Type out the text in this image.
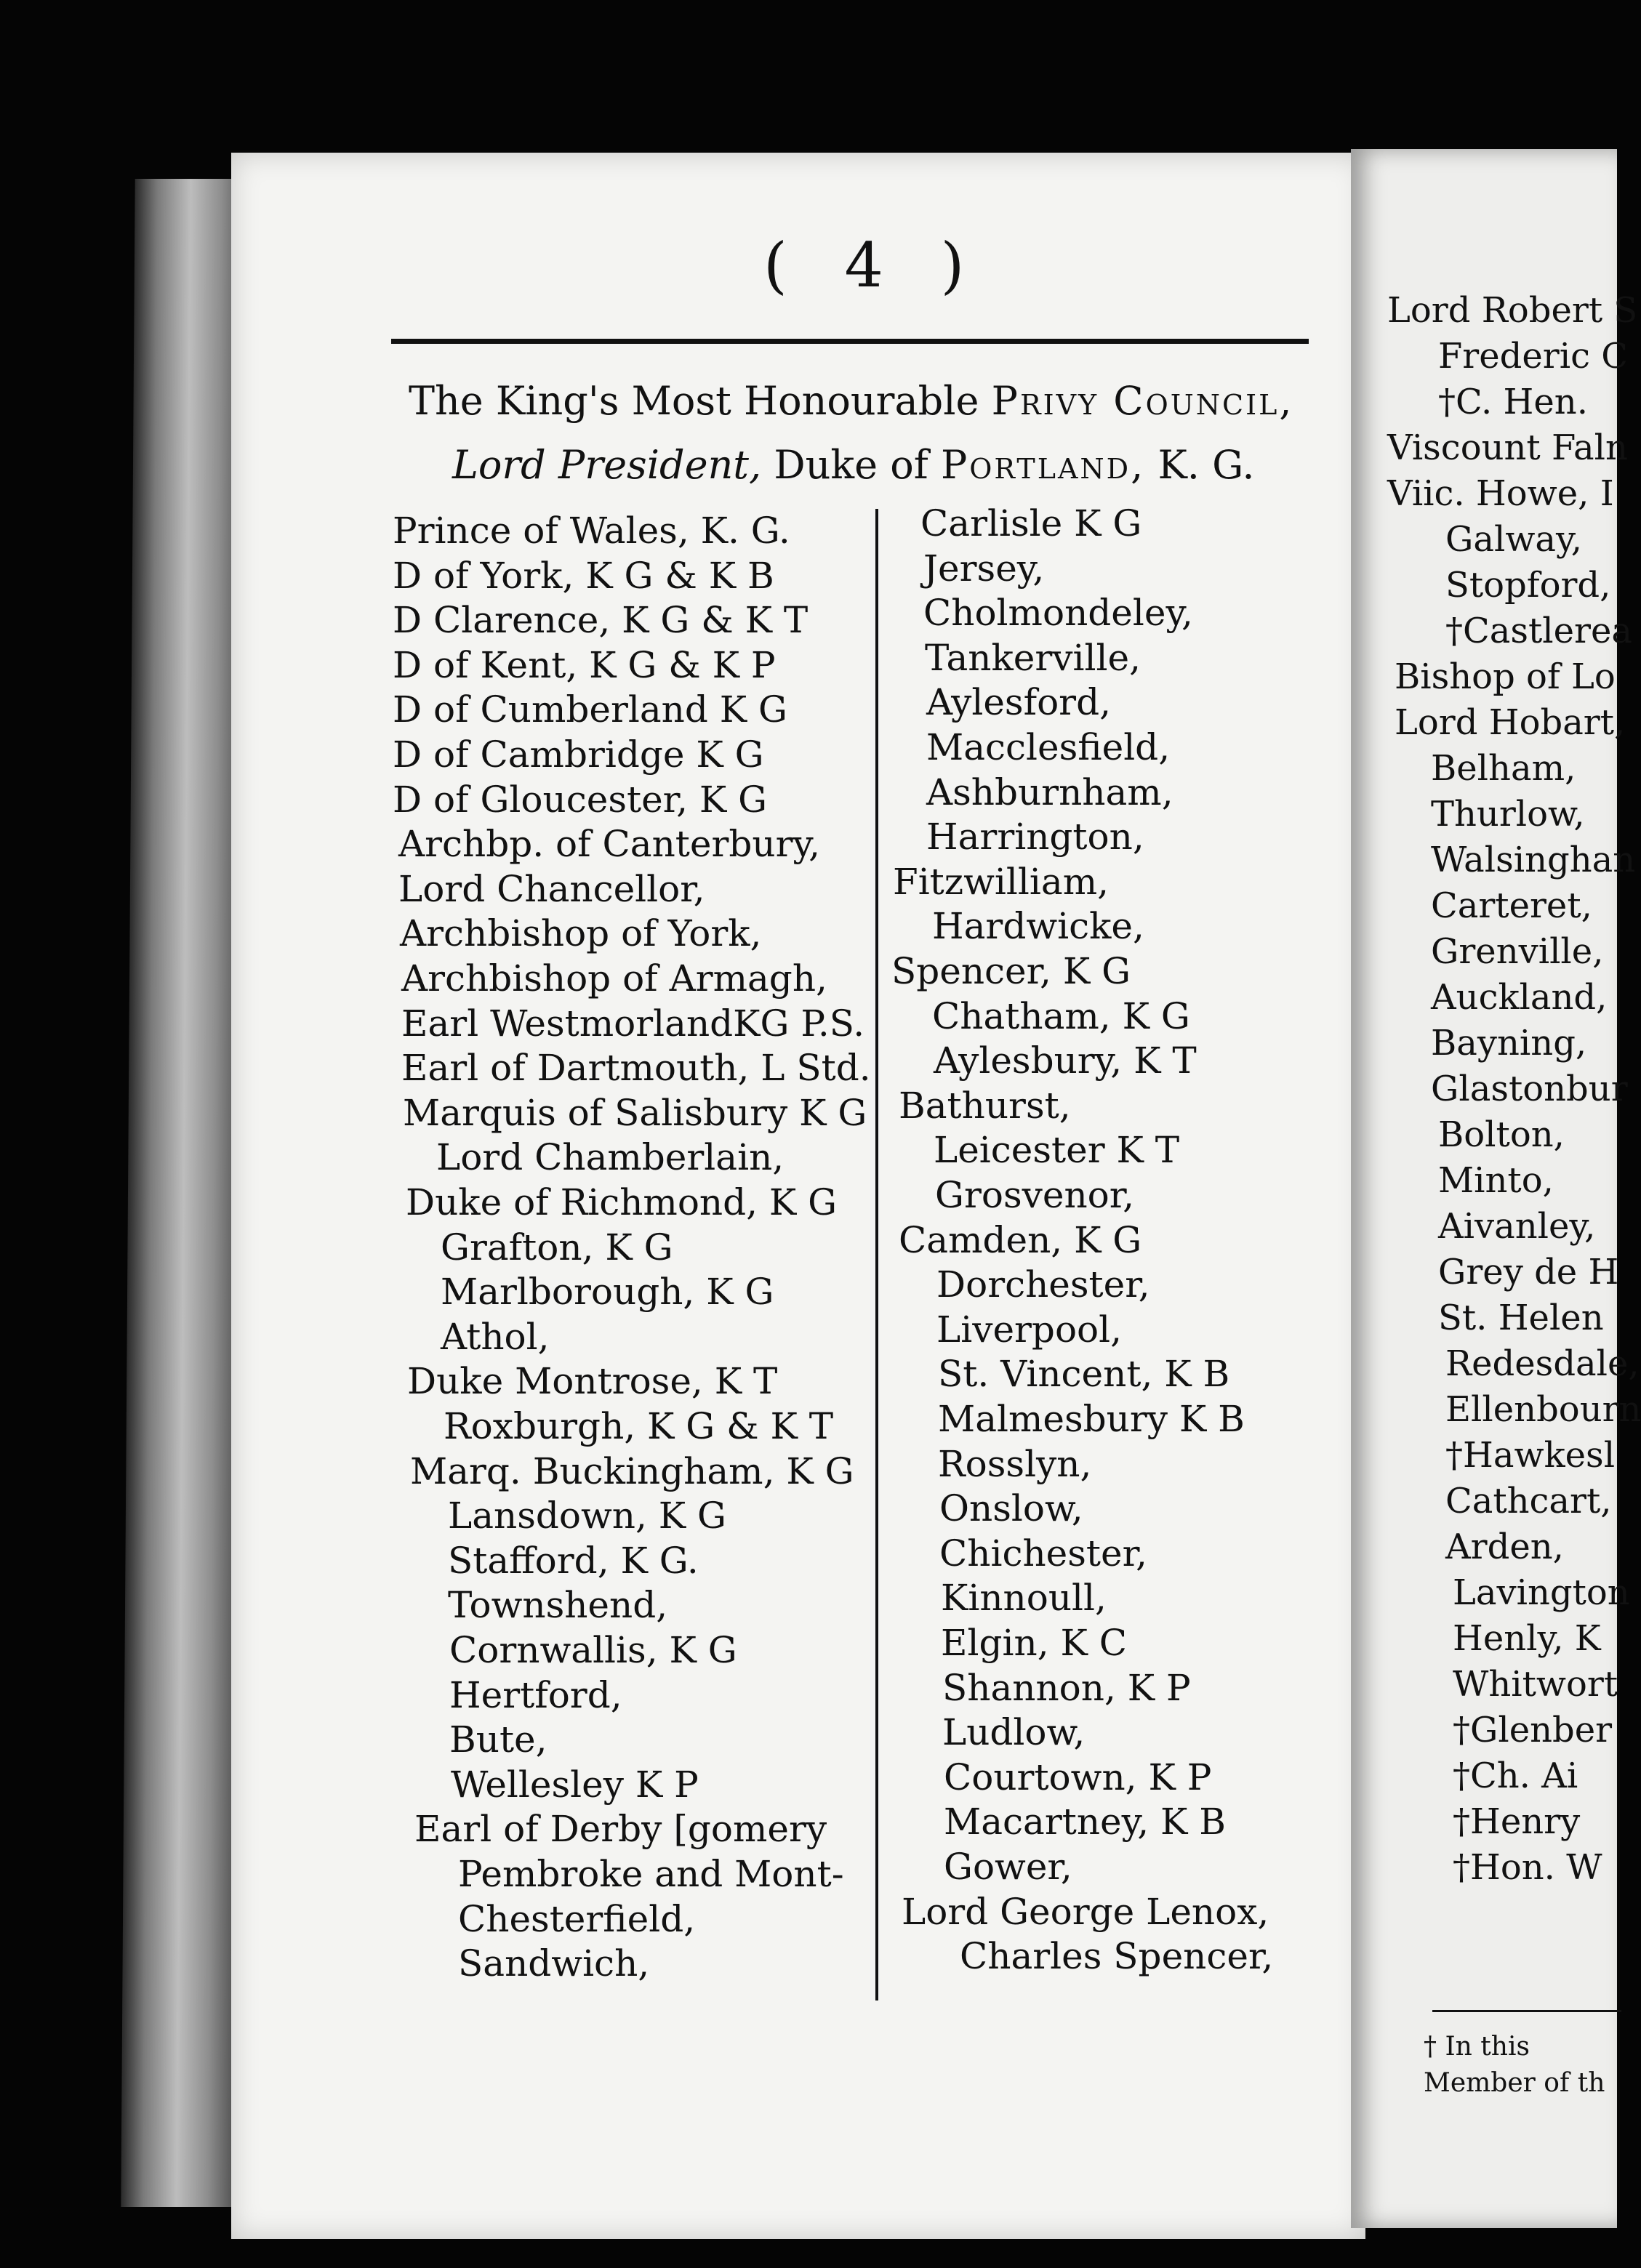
( 4 )
The King's Most Honourable Privy Council,
Lord President, Duke of Portland, K. G.
Prince of Wales, K. G.
D of York, K G & K B
D Clarence, K G & K T
D of Kent, K G & K P
D of Cumberland K G
D of Cambridge K G
D of Gloucester, K G
Archbp. of Canterbury,
Lord Chancellor,
Archbishop of York,
Archbishop of Armagh,
Earl WestmorlandKG P.S.
Earl of Dartmouth, L Std.
Marquis of Salisbury K G
Lord Chamberlain,
Duke of Richmond, K G
Grafton, K G
Marlborough, K G
Athol,
Duke Montrose, K T
Roxburgh, K G & K T
Marq. Buckingham, K G
Lansdown, K G
Stafford, K G.
Townshend,
Cornwallis, K G
Hertford,
Bute,
Wellesley K P
Earl of Derby [gomery
Pembroke and Mont-
Chesterfield,
Sandwich,
Carlisle K G
Jersey,
Cholmondeley,
Tankerville,
Aylesford,
Macclesfield,
Ashburnham,
Harrington,
Fitzwilliam,
Hardwicke,
Spencer, K G
Chatham, K G
Aylesbury, K T
Bathurst,
Leicester K T
Grosvenor,
Camden, K G
Dorchester,
Liverpool,
St. Vincent, K B
Malmesbury K B
Rosslyn,
Onslow,
Chichester,
Kinnoull,
Elgin, K C
Shannon, K P
Ludlow,
Courtown, K P
Macartney, K B
Gower,
Lord George Lenox,
Charles Spencer,
Lord Robert S
Frederic C
†C. Hen.
Viscount Faln
Viic. Howe, I
Galway,
Stopford,
†Castlerea
Bishop of Lo
Lord Hobart,
Belham,
Thurlow,
Walsinghan
Carteret,
Grenville,
Auckland,
Bayning,
Glastonbur
Bolton,
Minto,
Aivanley,
Grey de H
St. Helen
Redesdale,
Ellenbourn
†Hawkesl
Cathcart,
Arden,
Lavington
Henly, K
Whitwort
†Glenber
†Ch. Ai
†Henry
†Hon. W
† In this
Member of th
